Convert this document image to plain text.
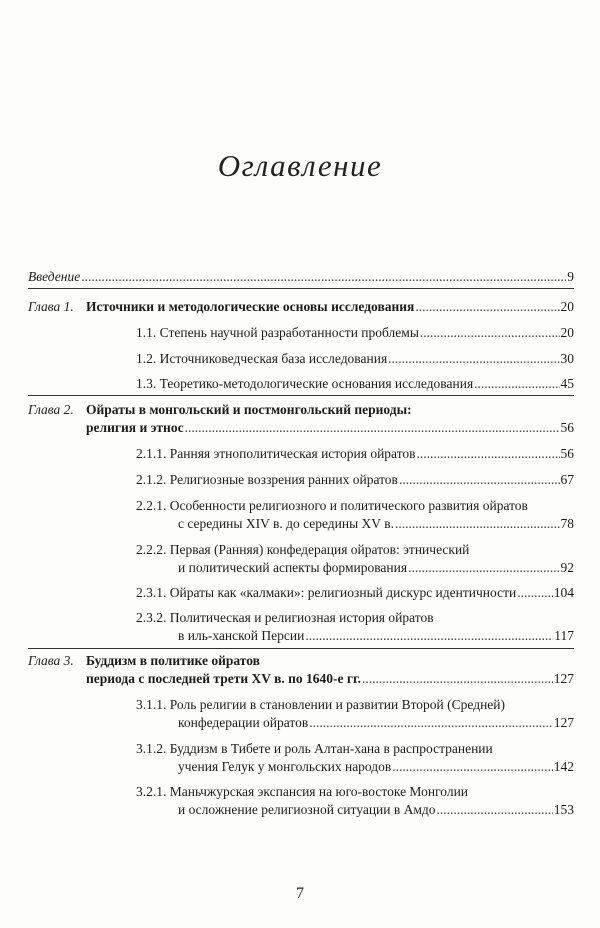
Оглавление
Введение .....	9
Глава 1. Источники и методологические основы исследования .....	20
1.1.
Степень научной разработанности проблемы .....	20
1.2.
Источниковедческая база исследования .....	30
1.3.
Теоретико-методологические основания исследования .....	45
Глава 2. Ойраты в монгольский и постмонгольский периоды:
религия и этнос .....	56
2.1.1.
Ранняя этнополитическая история ойратов .....	56
2.1.2.
Религиозные воззрения ранних ойратов .....	67
2.2.1.
Особенности религиозного и политического развития ойратов
с середины XIV в. до середины XV в. .....	78
2.2.2.
Первая (Ранняя) конфедерация ойратов: этнический
и политический аспекты формирования .....	92
2.3.1.
Ойраты как «калмаки»: религиозный дискурс идентичности .....	104
2.3.2.
Политическая и религиозная история ойратов
в иль-ханской Персии .....	117
Глава 3. Буддизм в политике ойратов
периода с последней трети XV в. по 1640-е гг. .....	127
3.1.1.
Роль религии в становлении и развитии Второй (Средней)
конфедерации ойратов .....	127
3.1.2.
Буддизм в Тибете и роль Алтан-хана в распространении
учения Гелук у монгольских народов .....	142
3.2.1.
Маньчжурская экспансия на юго-востоке Монголии
и осложнение религиозной ситуации в Амдо .....	153
7
